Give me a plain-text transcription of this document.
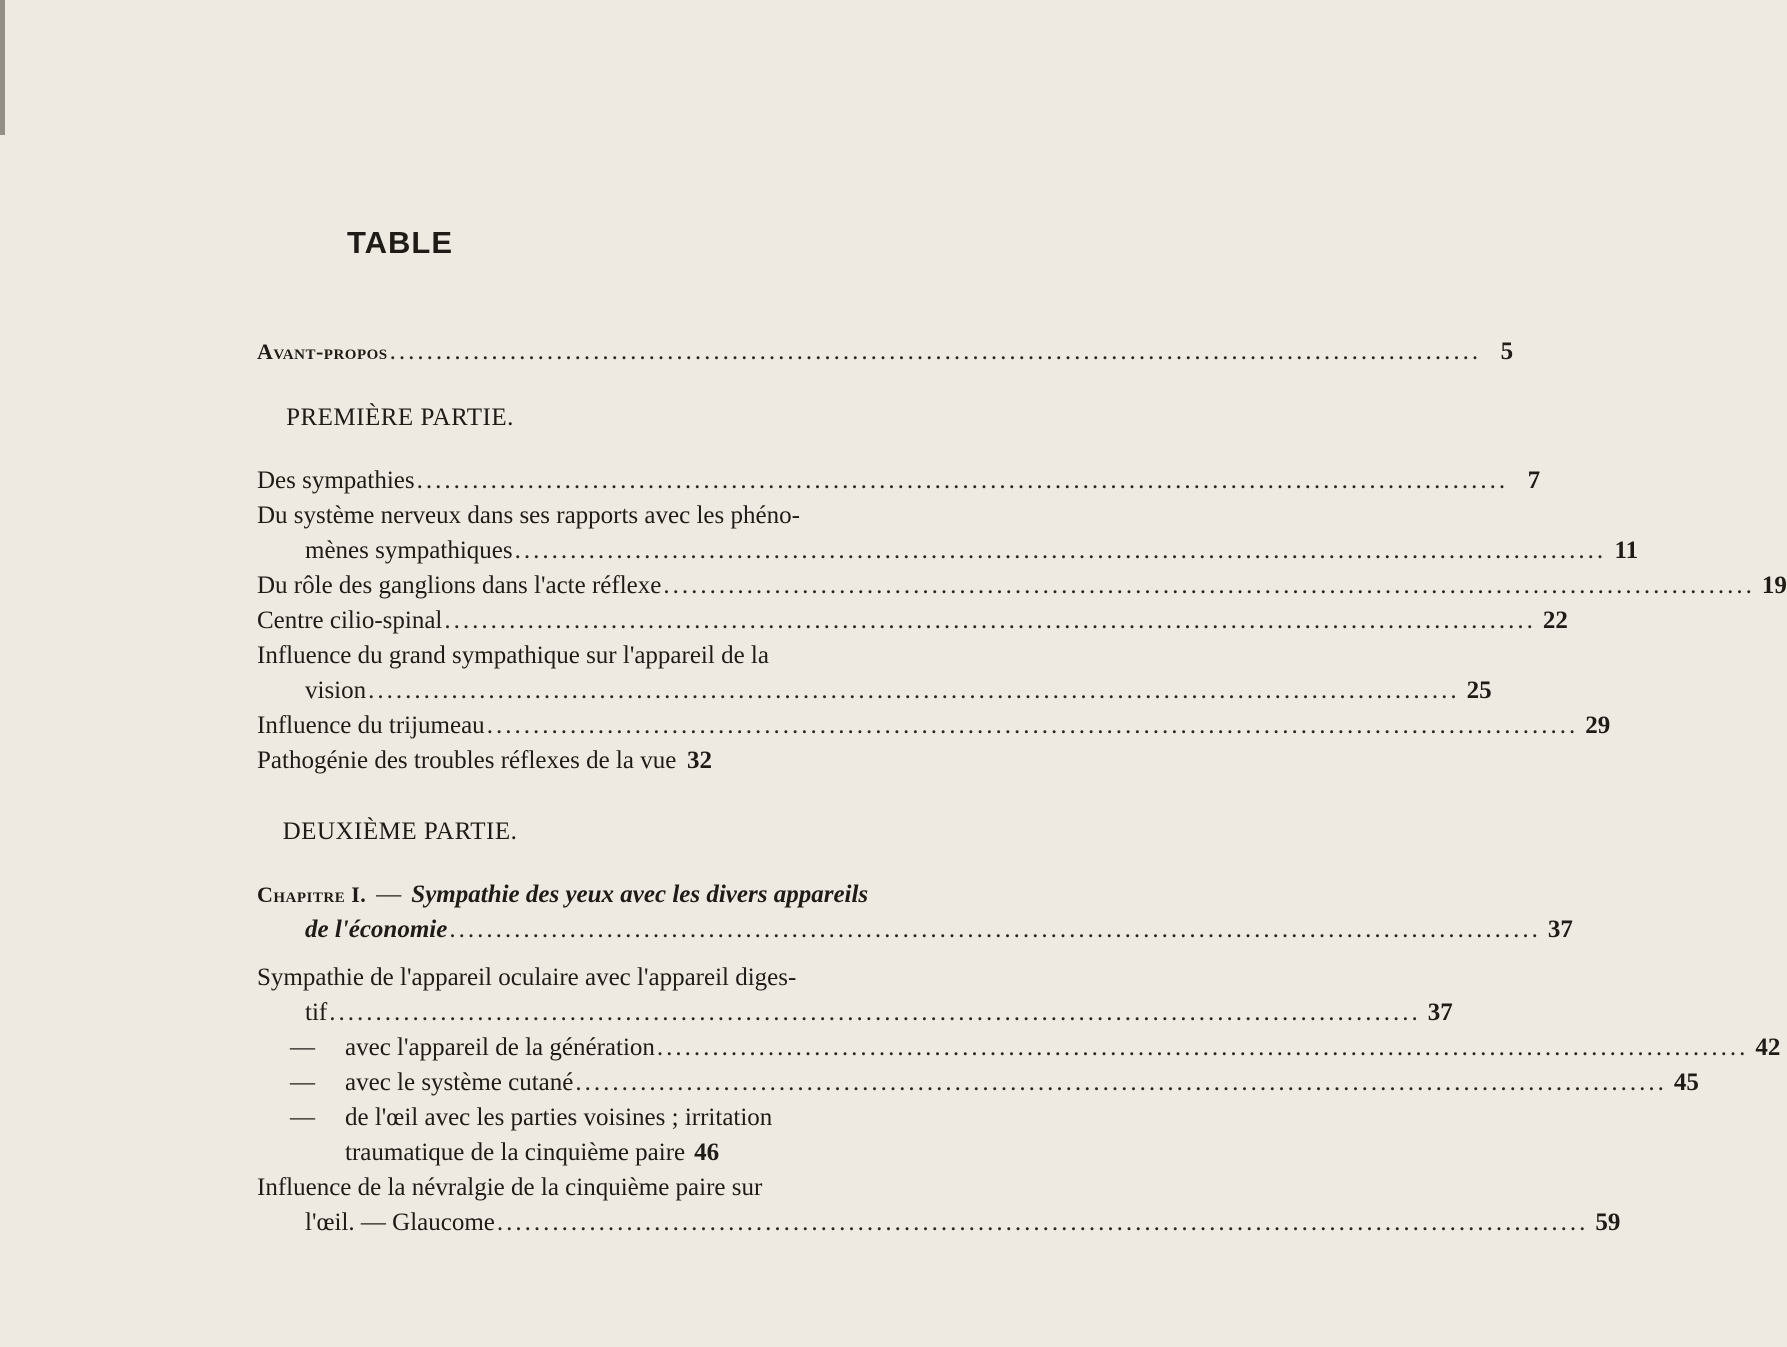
TABLE
Avant-propos .....	5
PREMIÈRE PARTIE.
Des sympathies .....	7
Du système nerveux dans ses rapports avec les phéno-
mènes sympathiques .....	11
Du rôle des ganglions dans l'acte réflexe .....	19
Centre cilio-spinal .....	22
Influence du grand sympathique sur l'appareil de la
vision .....	25
Influence du trijumeau .....	29
Pathogénie des troubles réflexes de la vue ..... 32
DEUXIÈME PARTIE.
Chapitre I. — Sympathie des yeux avec les divers appareils
de l'économie .....	37
Sympathie de l'appareil oculaire avec l'appareil diges-
tif .....	37
—	avec l'appareil de la génération .....	42
—	avec le système cutané .....	45
—	de l'œil avec les parties voisines ; irritation
traumatique de la cinquième paire 46
Influence de la névralgie de la cinquième paire sur
l'œil. — Glaucome .....	59
